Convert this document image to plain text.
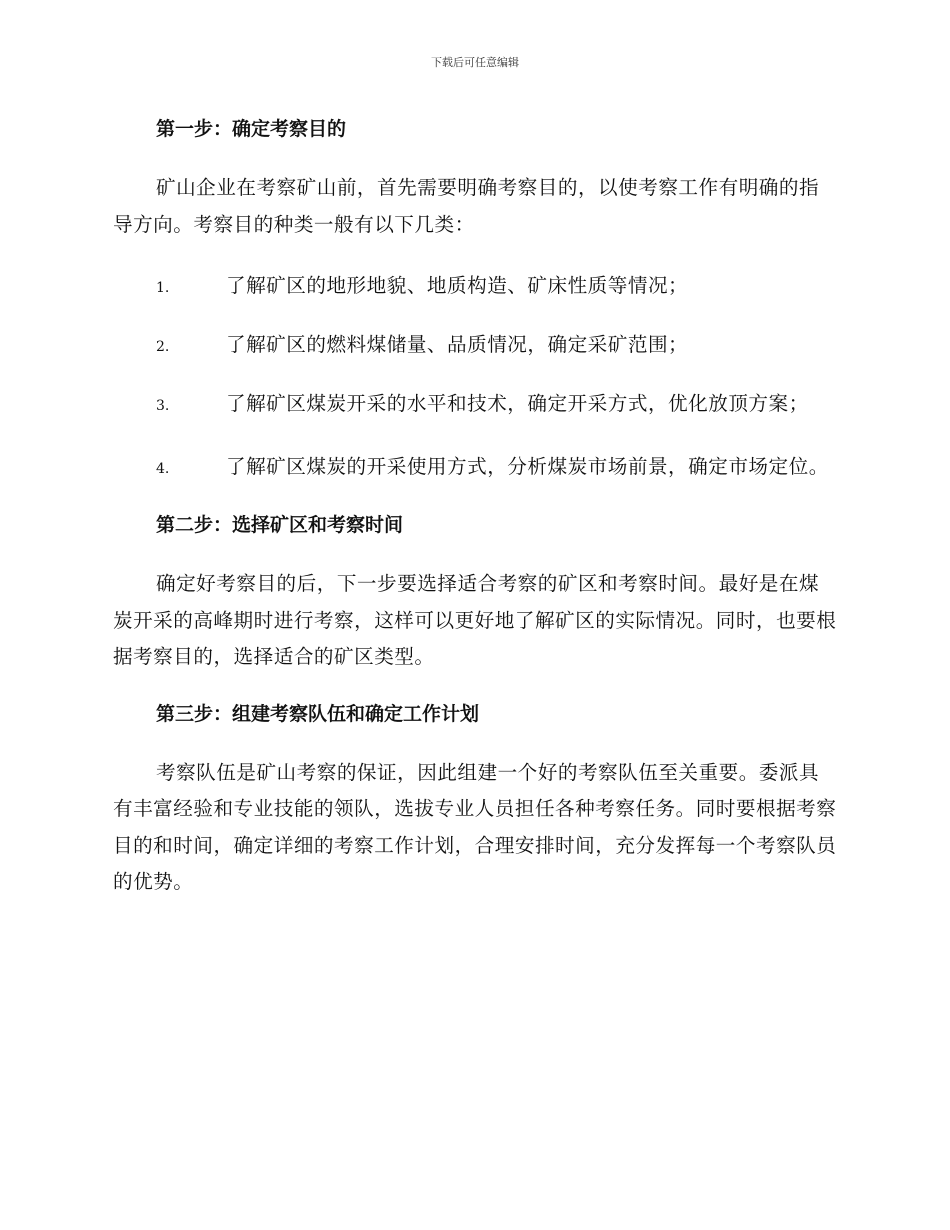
下载后可任意编辑
第一步：确定考察目的

矿山企业在考察矿山前，首先需要明确考察目的，以使考察工作有明确的指导方向。考察目的种类一般有以下几类：

1.	了解矿区的地形地貌、地质构造、矿床性质等情况；
2.	了解矿区的燃料煤储量、品质情况，确定采矿范围；
3.	了解矿区煤炭开采的水平和技术，确定开采方式，优化放顶方案；
4.	了解矿区煤炭的开采使用方式，分析煤炭市场前景，确定市场定位。
第二步：选择矿区和考察时间

确定好考察目的后，下一步要选择适合考察的矿区和考察时间。最好是在煤炭开采的高峰期时进行考察，这样可以更好地了解矿区的实际情况。同时，也要根据考察目的，选择适合的矿区类型。

第三步：组建考察队伍和确定工作计划

考察队伍是矿山考察的保证，因此组建一个好的考察队伍至关重要。委派具有丰富经验和专业技能的领队，选拔专业人员担任各种考察任务。同时要根据考察目的和时间，确定详细的考察工作计划，合理安排时间，充分发挥每一个考察队员的优势。
